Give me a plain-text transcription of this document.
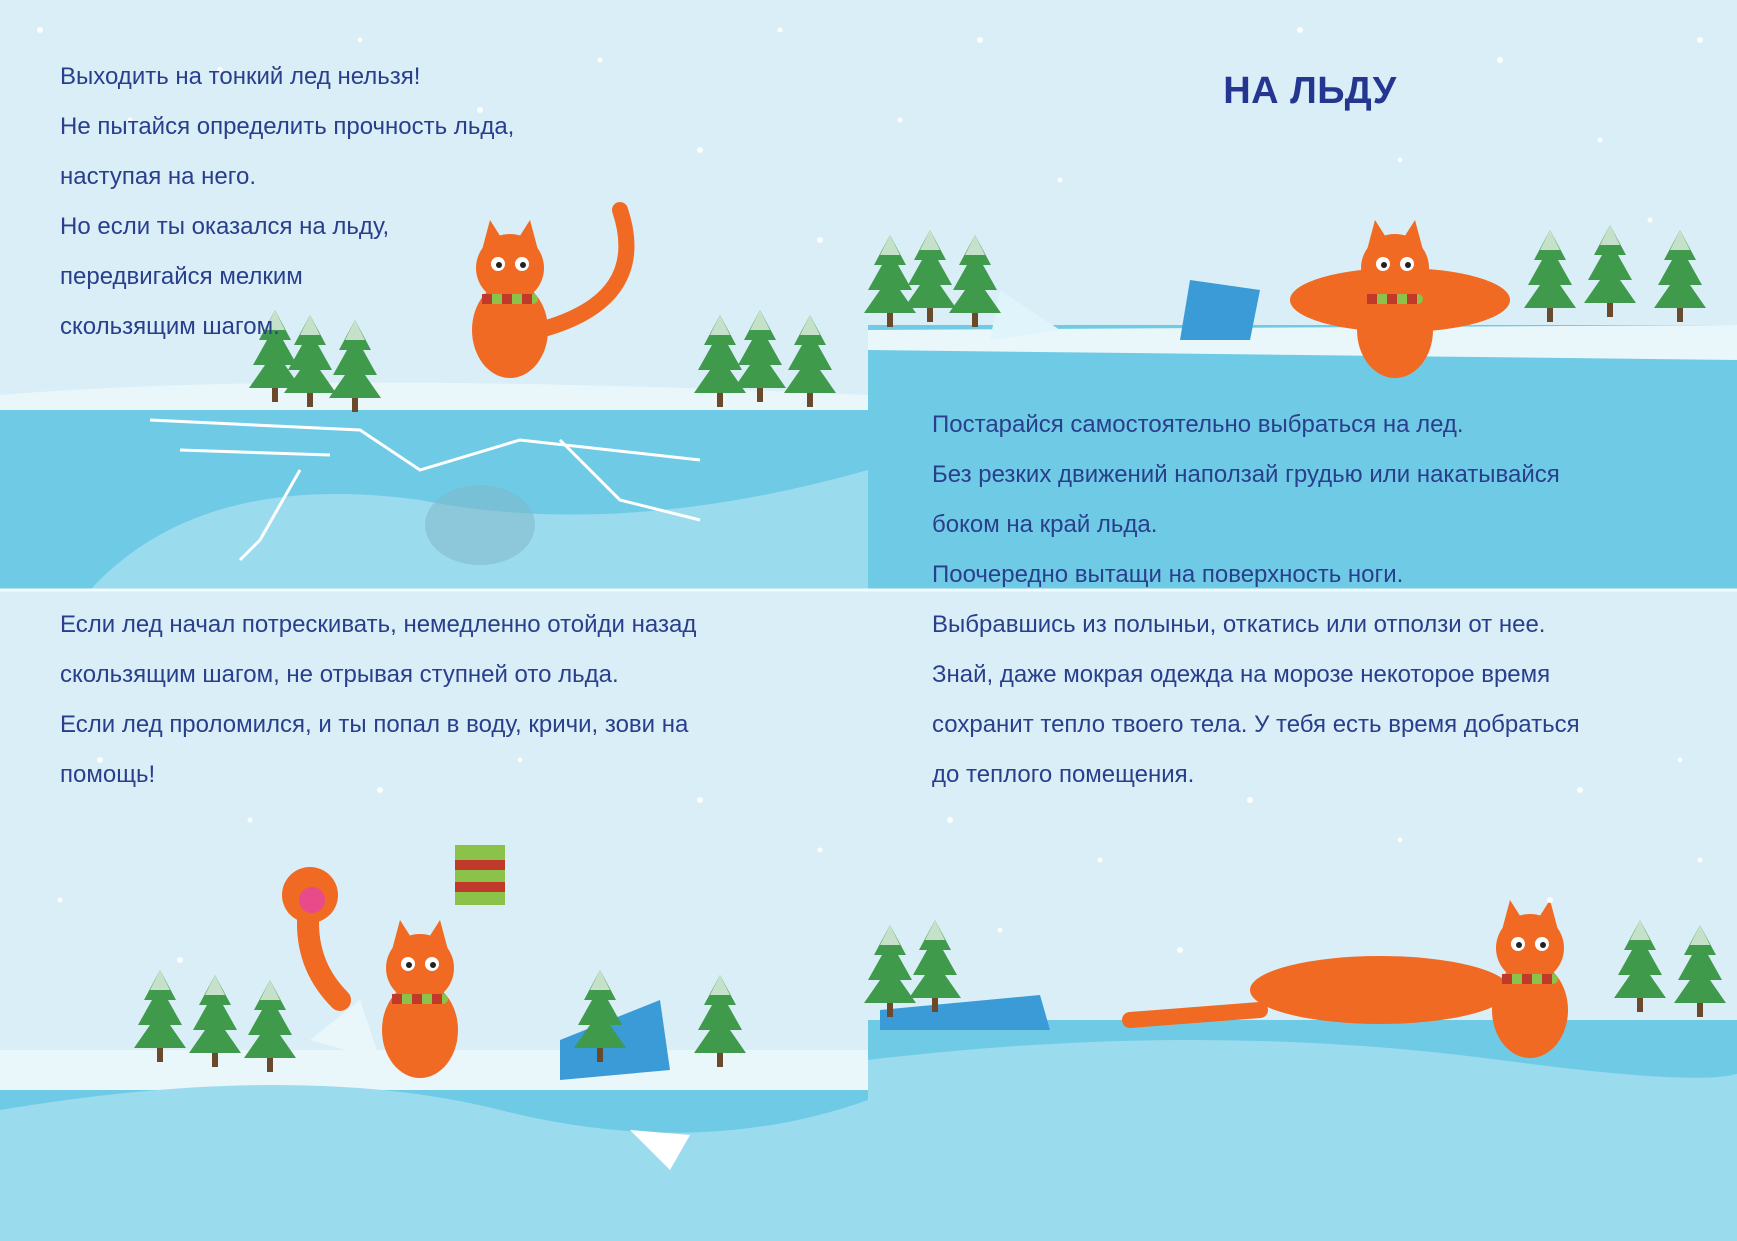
НА ЛЬДУ

Выходить на тонкий лед нельзя!

Не пытайся определить прочность льда,

наступая на него.

Но если ты оказался на льду,

передвигайся мелким

скользящим шагом.

Если лед начал потрескивать, немедленно отойди назад

скользящим шагом, не отрывая ступней ото льда.

Если лед проломился, и ты попал в воду, кричи, зови на

помощь!

Постарайся самостоятельно выбраться на лед.

Без резких движений наползай грудью или накатывайся

боком на край льда.

Поочередно вытащи на поверхность ноги.

Выбравшись из полыньи, откатись или отползи от нее.

Знай, даже мокрая одежда на морозе некоторое время

сохранит тепло твоего тела. У тебя есть время добраться

до теплого помещения.
